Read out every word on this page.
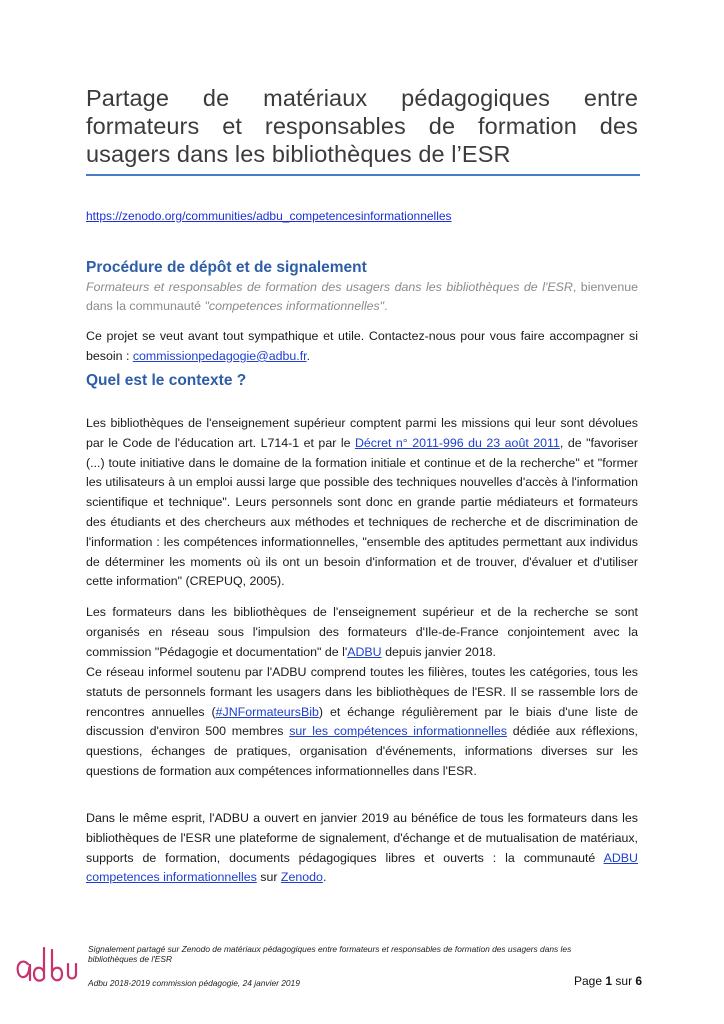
Partage de matériaux pédagogiques entre formateurs et responsables de formation des usagers dans les bibliothèques de l’ESR
https://zenodo.org/communities/adbu_competencesinformationnelles
Procédure de dépôt et de signalement
Formateurs et responsables de formation des usagers dans les bibliothèques de l'ESR, bienvenue dans la communauté "competences informationnelles".
Ce projet se veut avant tout sympathique et utile. Contactez-nous pour vous faire accompagner si besoin : commissionpedagogie@adbu.fr.
Quel est le contexte ?
Les bibliothèques de l'enseignement supérieur comptent parmi les missions qui leur sont dévolues par le Code de l'éducation art. L714-1 et par le Décret n° 2011-996 du 23 août 2011, de "favoriser (...) toute initiative dans le domaine de la formation initiale et continue et de la recherche" et "former les utilisateurs à un emploi aussi large que possible des techniques nouvelles d'accès à l'information scientifique et technique". Leurs personnels sont donc en grande partie médiateurs et formateurs des étudiants et des chercheurs aux méthodes et techniques de recherche et de discrimination de l'information : les compétences informationnelles, "ensemble des aptitudes permettant aux individus de déterminer les moments où ils ont un besoin d'information et de trouver, d'évaluer et d'utiliser cette information" (CREPUQ, 2005).
Les formateurs dans les bibliothèques de l'enseignement supérieur et de la recherche se sont organisés en réseau sous l'impulsion des formateurs d'Ile-de-France conjointement avec la commission "Pédagogie et documentation" de l'ADBU depuis janvier 2018.
Ce réseau informel soutenu par l'ADBU comprend toutes les filières, toutes les catégories, tous les statuts de personnels formant les usagers dans les bibliothèques de l'ESR. Il se rassemble lors de rencontres annuelles (#JNFormateursBib) et échange régulièrement par le biais d'une liste de discussion d'environ 500 membres sur les compétences informationnelles dédiée aux réflexions, questions, échanges de pratiques, organisation d'événements, informations diverses sur les questions de formation aux compétences informationnelles dans l'ESR.
Dans le même esprit, l'ADBU a ouvert en janvier 2019 au bénéfice de tous les formateurs dans les bibliothèques de l'ESR une plateforme de signalement, d'échange et de mutualisation de matériaux, supports de formation, documents pédagogiques libres et ouverts : la communauté ADBU competences informationnelles sur Zenodo.
Signalement partagé sur Zenodo de matériaux pédagogiques entre formateurs et responsables de formation des usagers dans les bibliothèques de l'ESR
Adbu 2018-2019 commission pédagogie, 24 janvier 2019	Page 1 sur 6
